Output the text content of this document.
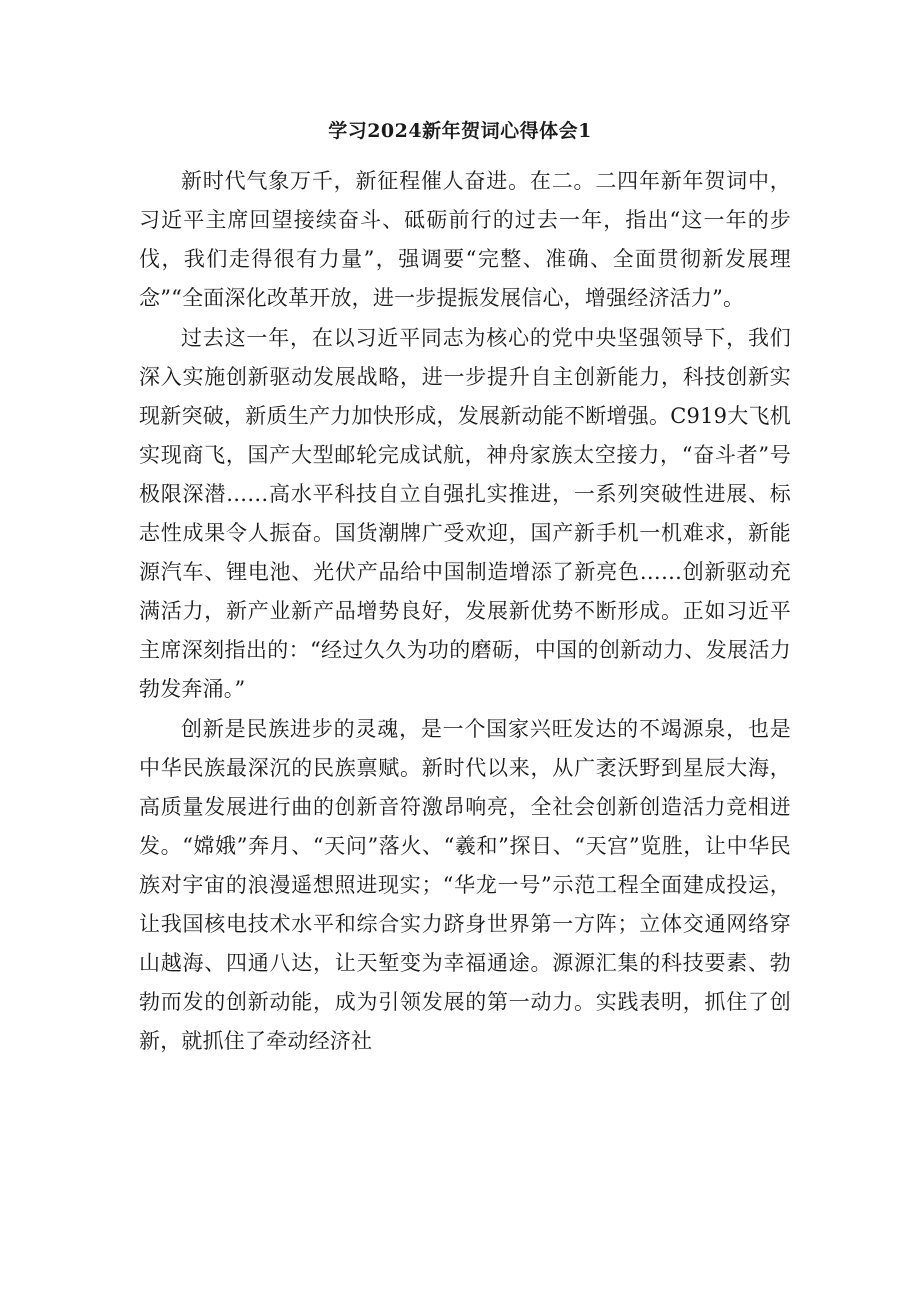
学习2024新年贺词心得体会1

新时代气象万千，新征程催人奋进。在二。二四年新年贺词中，习近平主席回望接续奋斗、砥砺前行的过去一年，指出“这一年的步伐，我们走得很有力量”，强调要“完整、准确、全面贯彻新发展理念”“全面深化改革开放，进一步提振发展信心，增强经济活力”。

过去这一年，在以习近平同志为核心的党中央坚强领导下，我们深入实施创新驱动发展战略，进一步提升自主创新能力，科技创新实现新突破，新质生产力加快形成，发展新动能不断增强。C919大飞机实现商飞，国产大型邮轮完成试航，神舟家族太空接力，“奋斗者”号极限深潜……高水平科技自立自强扎实推进，一系列突破性进展、标志性成果令人振奋。国货潮牌广受欢迎，国产新手机一机难求，新能源汽车、锂电池、光伏产品给中国制造增添了新亮色……创新驱动充满活力，新产业新产品增势良好，发展新优势不断形成。正如习近平主席深刻指出的：“经过久久为功的磨砺，中国的创新动力、发展活力勃发奔涌。”

创新是民族进步的灵魂，是一个国家兴旺发达的不竭源泉，也是中华民族最深沉的民族禀赋。新时代以来，从广袤沃野到星辰大海，高质量发展进行曲的创新音符激昂响亮，全社会创新创造活力竞相迸发。“嫦娥”奔月、“天问”落火、“羲和”探日、“天宫”览胜，让中华民族对宇宙的浪漫遥想照进现实；“华龙一号”示范工程全面建成投运，让我国核电技术水平和综合实力跻身世界第一方阵；立体交通网络穿山越海、四通八达，让天堑变为幸福通途。源源汇集的科技要素、勃勃而发的创新动能，成为引领发展的第一动力。实践表明，抓住了创新，就抓住了牵动经济社
